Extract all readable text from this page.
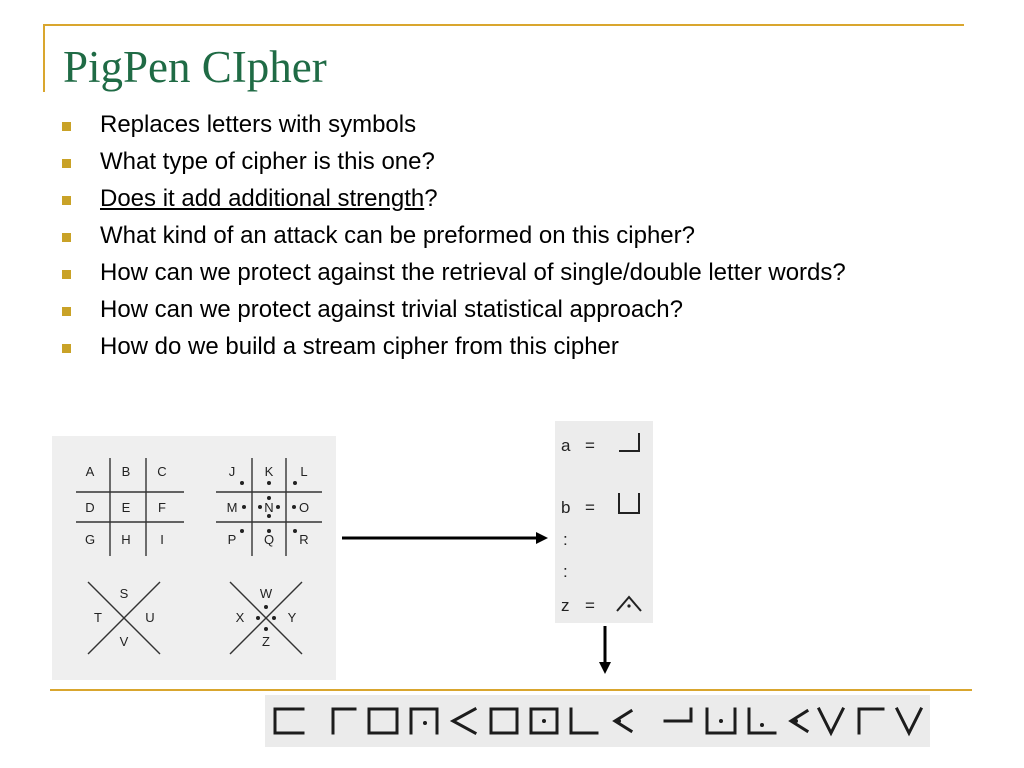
PigPen CIpher
Replaces letters with symbols
What type of cipher is this one?
Does it add additional strength?
What kind of an attack can be preformed on this cipher?
How can we protect against the retrieval of single/double letter words?
How can we protect against trivial statistical approach?
How do we build a stream cipher from this cipher
A B C
D E F
G H I
J K L
M N O
P Q R
S
T	U
V
W
X	Y
Z
a =
b =
:
:
z =
